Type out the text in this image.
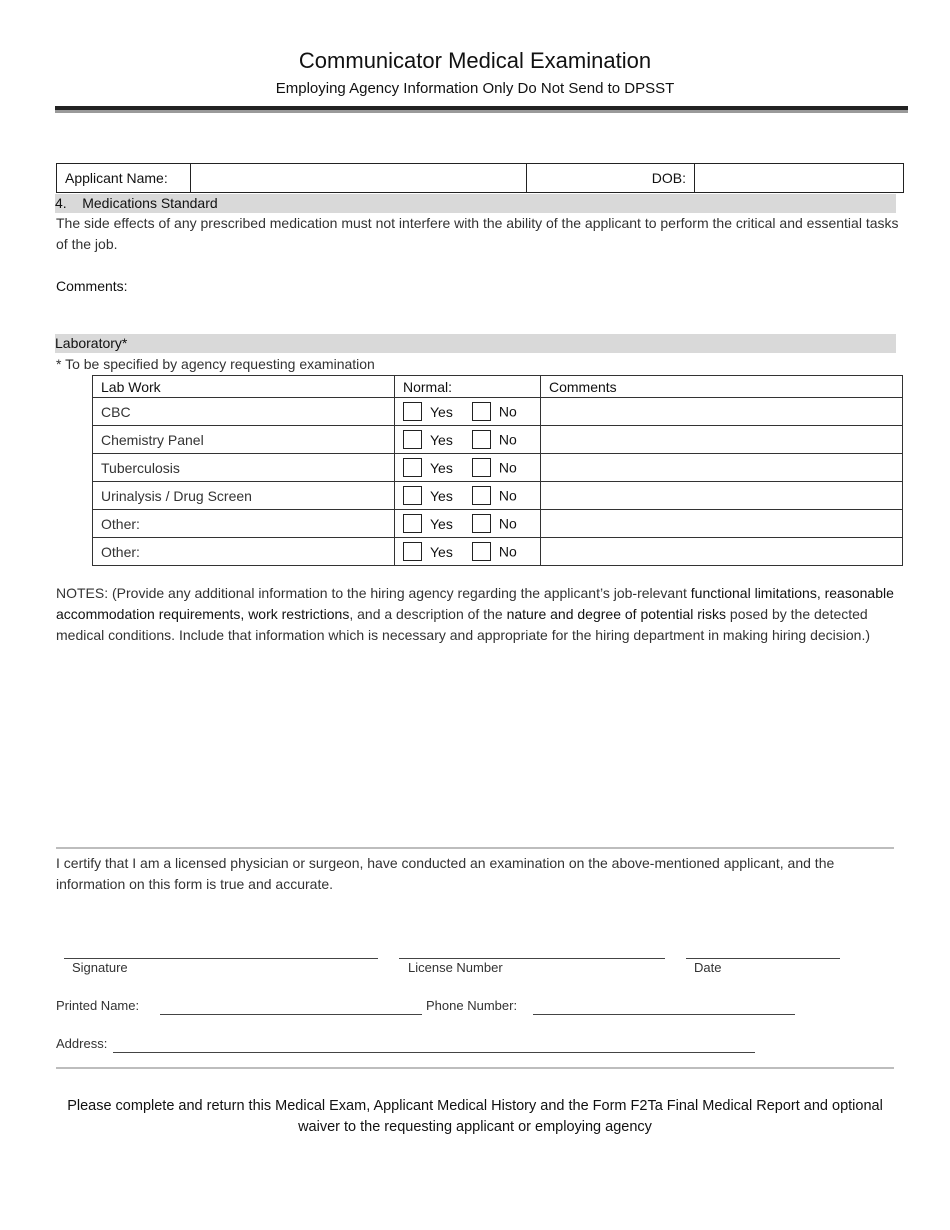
Communicator Medical Examination
Employing Agency Information Only Do Not Send to DPSST
Applicant Name:	DOB:
4.    Medications Standard
The side effects of any prescribed medication must not interfere with the ability of the applicant to perform the critical and essential tasks of the job.
Comments:
Laboratory*
* To be specified by agency requesting examination
Lab Work	Normal:	Comments
CBC	Yes No	
Chemistry Panel	Yes No	
Tuberculosis	Yes No	
Urinalysis / Drug Screen	Yes No	
Other:	Yes No	
Other:	Yes No	
NOTES: (Provide any additional information to the hiring agency regarding the applicant’s job-relevant functional limitations, reasonable accommodation requirements, work restrictions, and a description of the nature and degree of potential risks posed by the detected medical conditions. Include that information which is necessary and appropriate for the hiring department in making hiring decision.)
I certify that I am a licensed physician or surgeon, have conducted an examination on the above-mentioned applicant, and the information on this form is true and accurate.
Signature	License Number	Date
Printed Name:	Phone Number:
Address:
Please complete and return this Medical Exam, Applicant Medical History and the Form F2Ta Final Medical Report and optional waiver to the requesting applicant or employing agency
